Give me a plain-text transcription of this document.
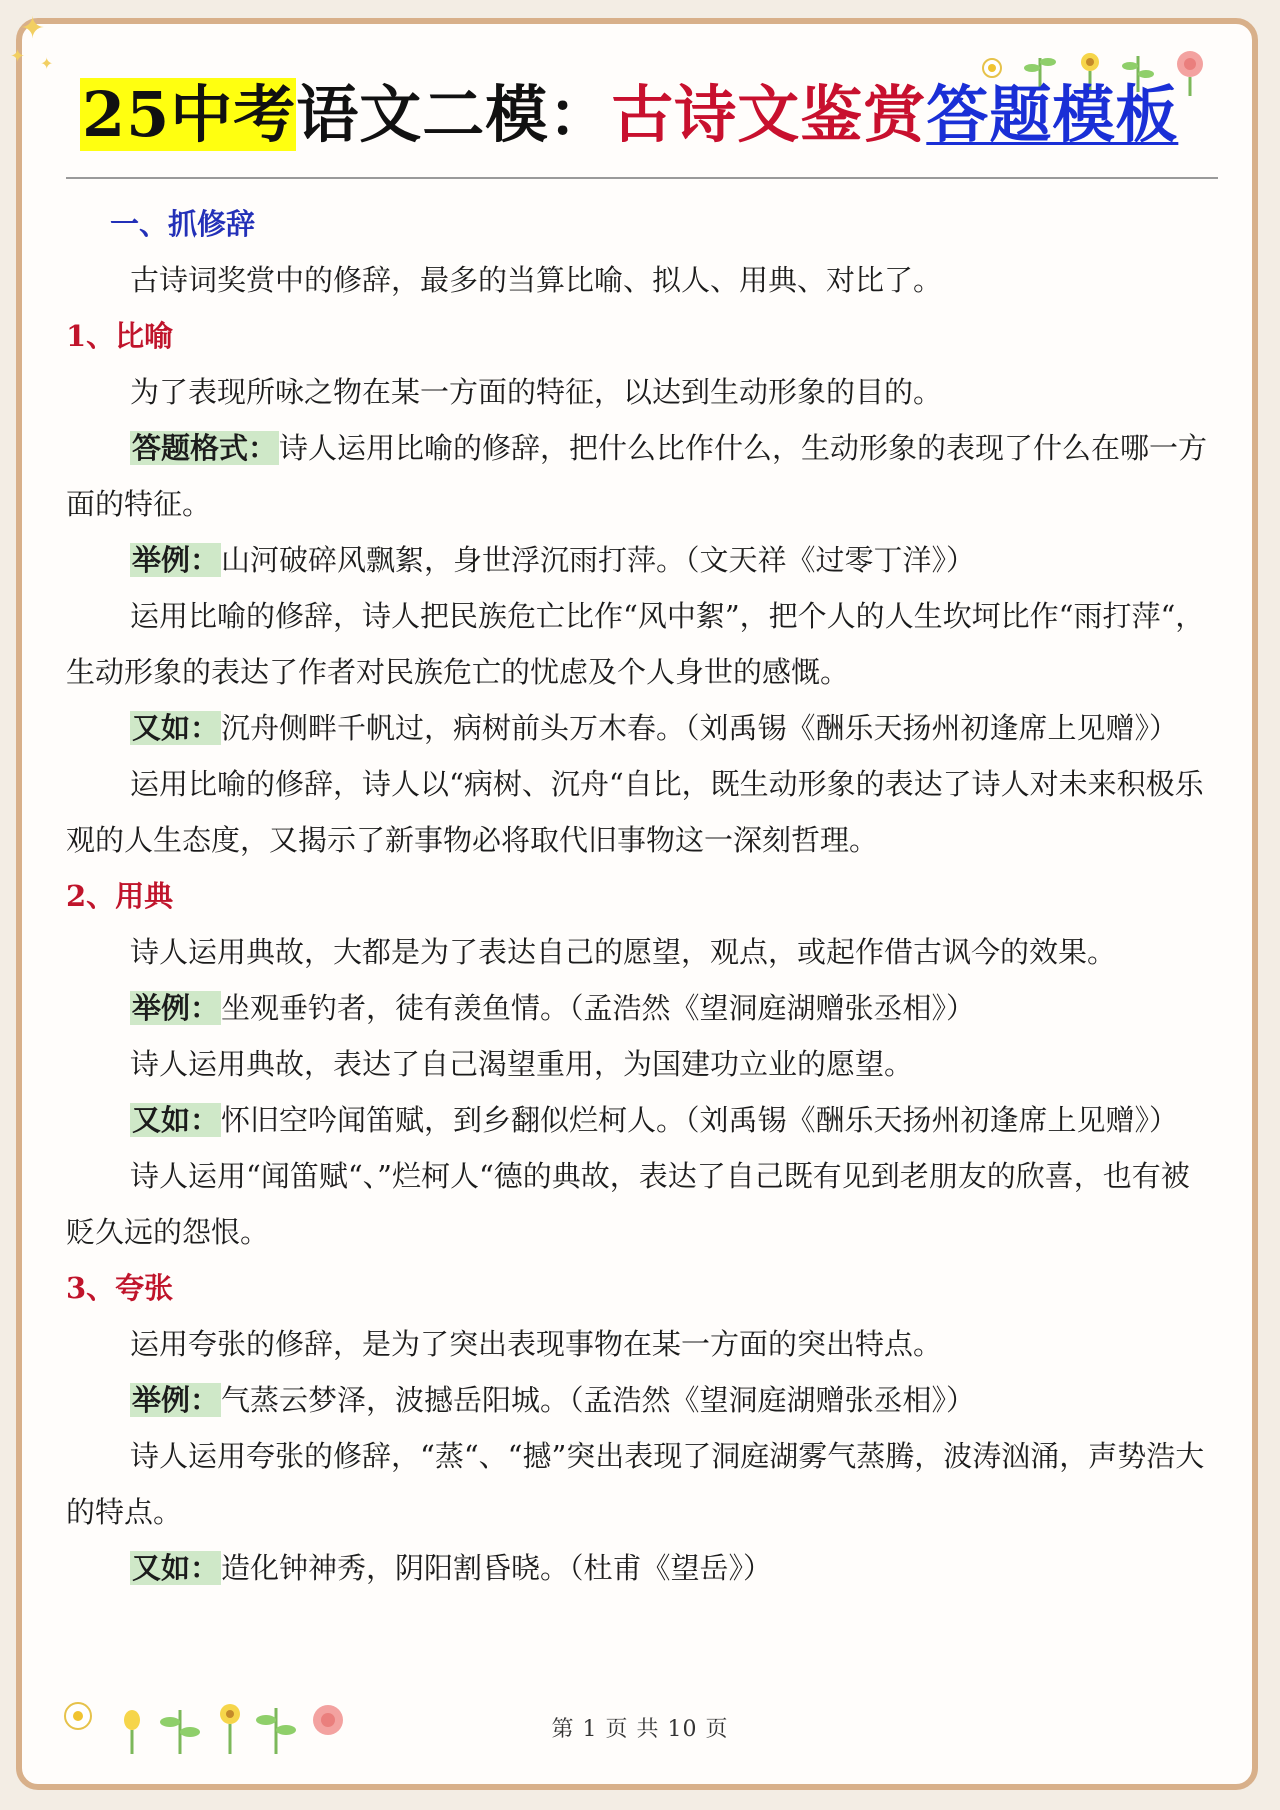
✦
✦ ✦
25中考语文二模：古诗文鉴赏答题模板

一、抓修辞

古诗词奖赏中的修辞，最多的当算比喻、拟人、用典、对比了。

1、比喻

为了表现所咏之物在某一方面的特征，以达到生动形象的目的。

答题格式：诗人运用比喻的修辞，把什么比作什么，生动形象的表现了什么在哪一方面的特征。

举例：山河破碎风飘絮，身世浮沉雨打萍。（文天祥《过零丁洋》）

运用比喻的修辞，诗人把民族危亡比作“风中絮”，把个人的人生坎坷比作“雨打萍“，生动形象的表达了作者对民族危亡的忧虑及个人身世的感慨。

又如：沉舟侧畔千帆过，病树前头万木春。（刘禹锡《酬乐天扬州初逢席上见赠》）

运用比喻的修辞，诗人以“病树、沉舟“自比，既生动形象的表达了诗人对未来积极乐观的人生态度，又揭示了新事物必将取代旧事物这一深刻哲理。

2、用典

诗人运用典故，大都是为了表达自己的愿望，观点，或起作借古讽今的效果。

举例：坐观垂钓者，徒有羡鱼情。（孟浩然《望洞庭湖赠张丞相》）

诗人运用典故，表达了自己渴望重用，为国建功立业的愿望。

又如：怀旧空吟闻笛赋，到乡翻似烂柯人。（刘禹锡《酬乐天扬州初逢席上见赠》）

诗人运用“闻笛赋“、”烂柯人“德的典故，表达了自己既有见到老朋友的欣喜，也有被贬久远的怨恨。

3、夸张

运用夸张的修辞，是为了突出表现事物在某一方面的突出特点。

举例：气蒸云梦泽，波撼岳阳城。（孟浩然《望洞庭湖赠张丞相》）

诗人运用夸张的修辞，“蒸“、“撼”突出表现了洞庭湖雾气蒸腾，波涛汹涌，声势浩大的特点。

又如：造化钟神秀，阴阳割昏晓。（杜甫《望岳》）

第 1 页 共 10 页
